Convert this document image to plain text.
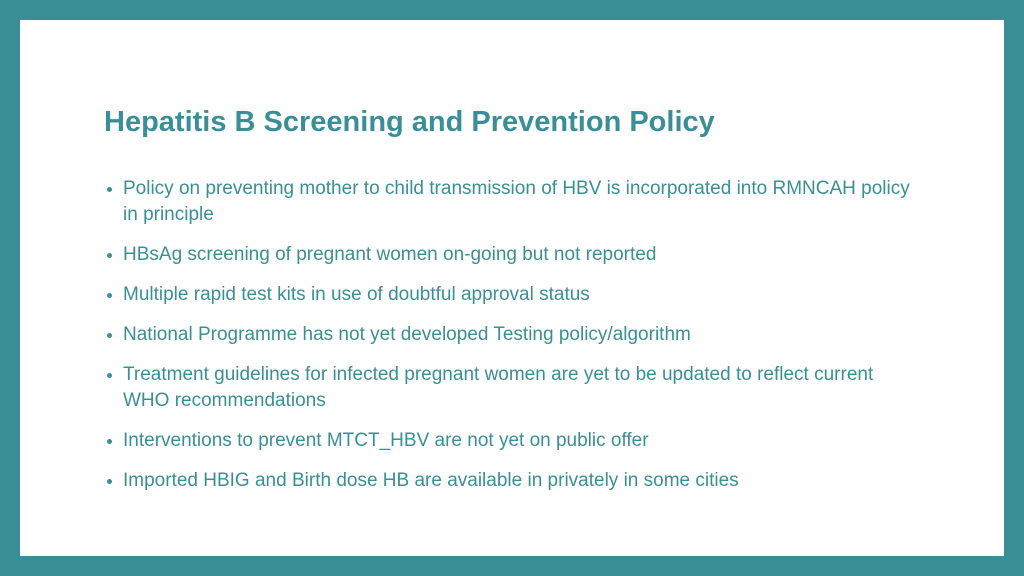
Hepatitis B Screening and Prevention Policy
Policy on preventing mother to child transmission of HBV is incorporated into RMNCAH policy in principle
HBsAg screening of pregnant women on-going but not reported
Multiple rapid test kits in use of doubtful approval status
National Programme has not yet developed Testing policy/algorithm
Treatment guidelines for infected pregnant women are yet to be updated to reflect current WHO recommendations
Interventions to prevent MTCT_HBV are not yet on public offer
Imported HBIG and Birth dose HB are available in privately in some cities
